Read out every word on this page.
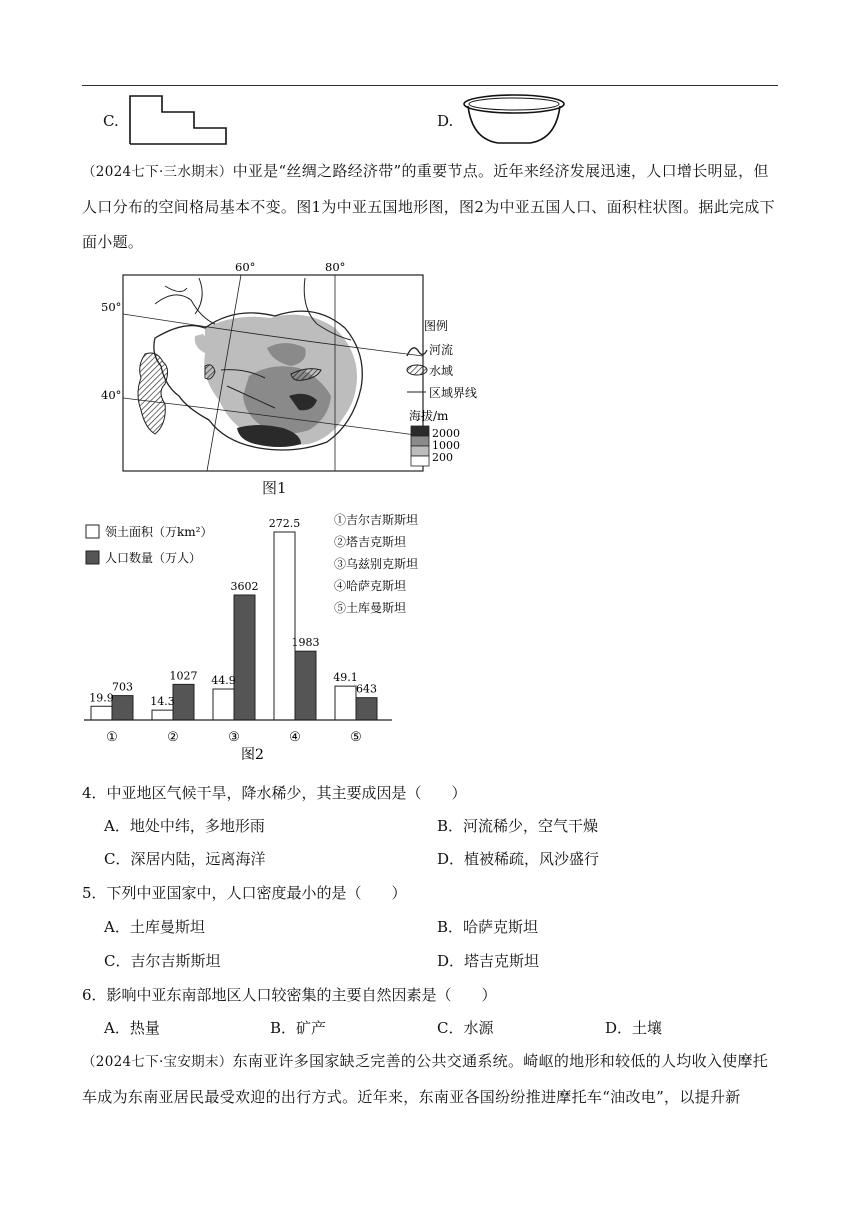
C.	D.
（2024七下·三水期末）中亚是“丝绸之路经济带”的重要节点。近年来经济发展迅速，人口增长明显，但人口分布的空间格局基本不变。图1为中亚五国地形图，图2为中亚五国人口、面积柱状图。据此完成下面小题。
60°	80°
50°
40°
图例
河流
水域
区域界线
海拔/m
2000
1000
200
图1
19.9
703
①
14.3
1027
②
44.9
3602
③
272.5
1983
④
49.1
643
⑤
领土面积（万km²）
人口数量（万人）
①吉尔吉斯斯坦
②塔吉克斯坦
③乌兹别克斯坦
④哈萨克斯坦
⑤土库曼斯坦
图2
4．中亚地区气候干旱，降水稀少，其主要成因是（　　）
A．地处中纬，多地形雨	B．河流稀少，空气干燥
C．深居内陆，远离海洋	D．植被稀疏，风沙盛行
5．下列中亚国家中，人口密度最小的是（　　）
A．土库曼斯坦	B．哈萨克斯坦
C．吉尔吉斯斯坦	D．塔吉克斯坦
6．影响中亚东南部地区人口较密集的主要自然因素是（　　）
A．热量	B．矿产	C．水源	D．土壤
（2024七下·宝安期末）东南亚许多国家缺乏完善的公共交通系统。崎岖的地形和较低的人均收入使摩托车成为东南亚居民最受欢迎的出行方式。近年来，东南亚各国纷纷推进摩托车“油改电”，以提升新
